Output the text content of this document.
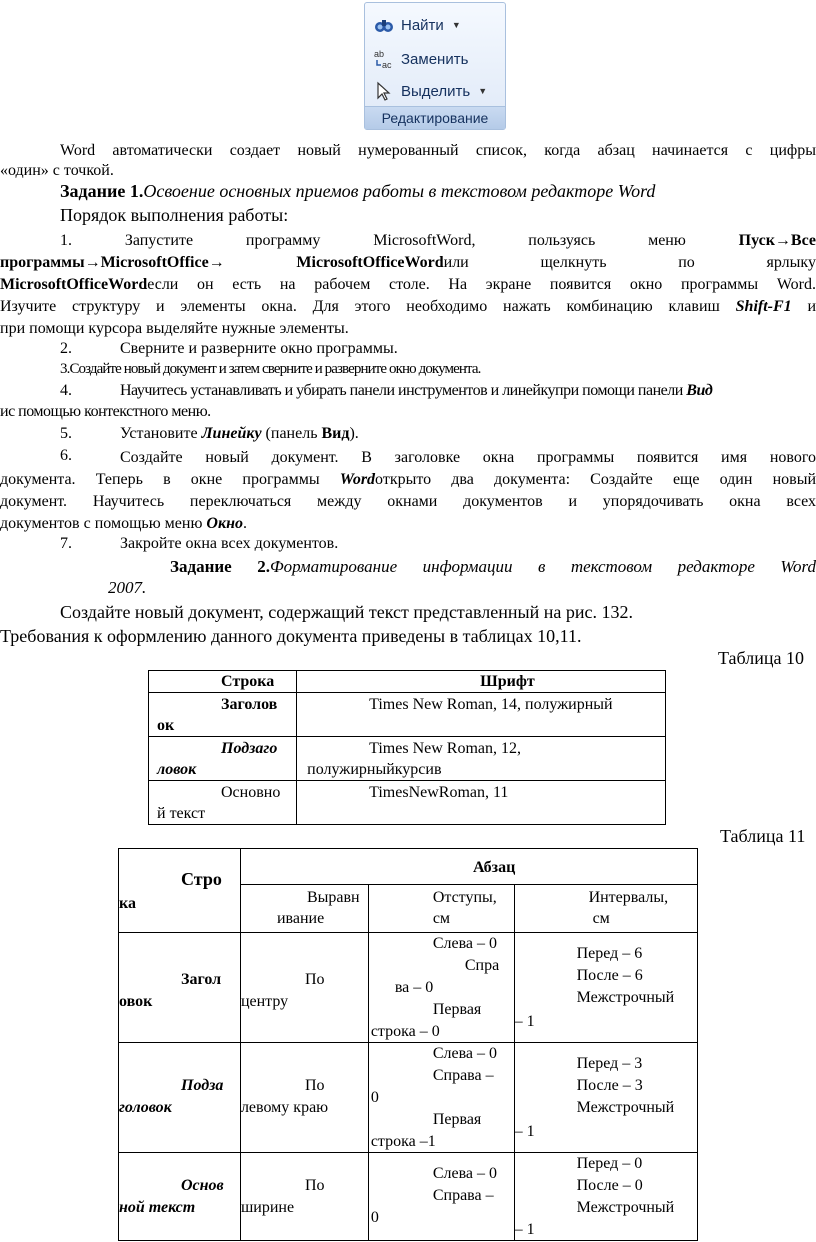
Найти ▼
ab
ac Заменить
Выделить ▼
Редактирование
Word автоматически создает новый нумерованный список, когда абзац начинается с цифры
«один» с точкой.
Задание 1.Освоение основных приемов работы в текстовом редакторе Word
Порядок выполнения работы:
1.	Запустите	программу	MicrosoftWord,	пользуясь	меню	Пуск→Все
программы→MicrosoftOffice→	MicrosoftOfficeWordили	щелкнуть	по	ярлыку
MicrosoftOfficeWordесли он есть на рабочем столе. На экране появится окно программы Word.
Изучите структуру и элементы окна. Для этого необходимо нажать комбинацию клавиш Shift-F1 и
при помощи курсора выделяйте нужные элементы.
2.	Сверните и разверните окно программы.
3.Создайте новый документ и затем сверните и разверните окно документа.
4.	Научитесь устанавливать и убирать панели инструментов и линейкупри помощи панели Вид
ис помощью контекстного меню.
5.	Установите Линейку (панель Вид).
6.	Создайте новый документ. В заголовке окна программы появится имя нового
документа. Теперь в окне программы Wordоткрыто два документа: Создайте еще один новый
документ. Научитесь переключаться между окнами документов и упорядочивать окна всех
документов с помощью меню Окно.
7.	Закройте окна всех документов.
Задание 2.Форматирование информации в текстовом редакторе Word
2007.
Создайте новый документ, содержащий текст представленный на рис. 132.
Требования к оформлению данного документа приведены в таблицах 10,11.
Таблица 10
Строка	Шрифт

Заголов
ок	Times New Roman, 14, полужирный

Подзаго
ловок	Times New Roman, 12,
полужирныйкурсив

Основно
й текст	TimesNewRoman, 11
Таблица 11
Стро
ка	Абзац		

	Выравн
ивание	Отступы,
см	Интервалы,
см

Загол
овок	По
центру	Слева – 0
Спра
ва – 0
Первая
строка – 0	Перед – 6
После – 6
Межстрочный
– 1

Подза
головок	По
левому краю	Слева – 0
Справа –
0
Первая
строка –1	Перед – 3
После – 3
Межстрочный
– 1

Основ
ной текст	По
ширине	Слева – 0
Справа –
0	Перед – 0
После – 0
Межстрочный
– 1
